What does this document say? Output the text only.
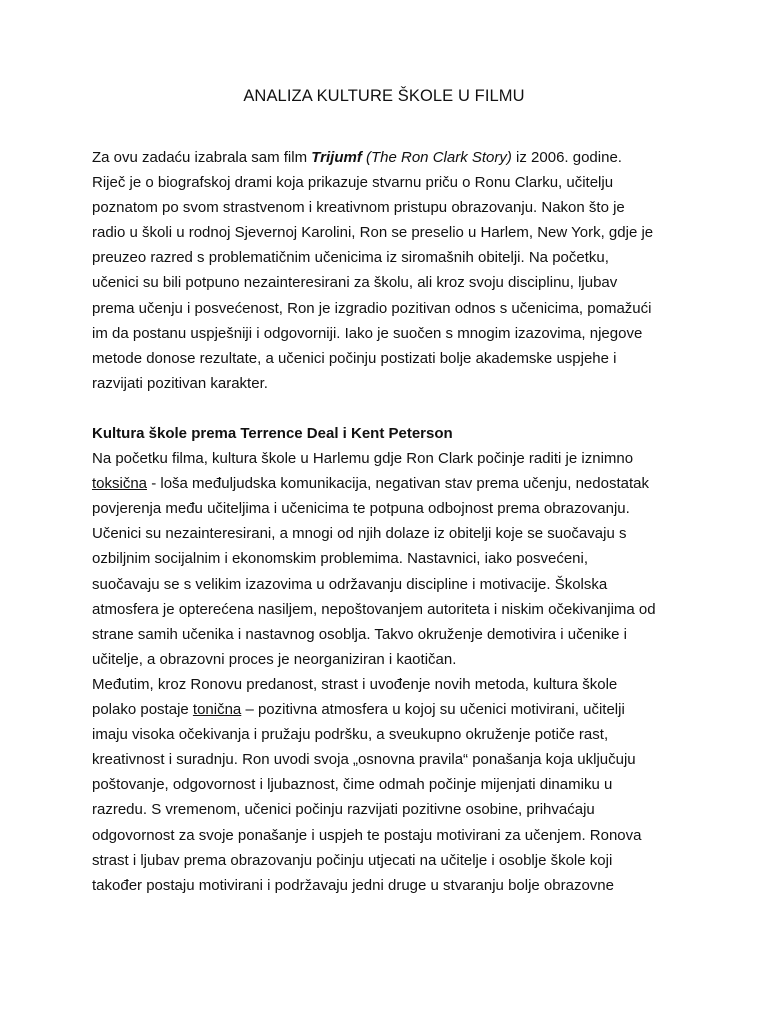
ANALIZA KULTURE ŠKOLE U FILMU
Za ovu zadaću izabrala sam film Trijumf (The Ron Clark Story) iz 2006. godine.
Riječ je o biografskoj drami koja prikazuje stvarnu priču o Ronu Clarku, učitelju
poznatom po svom strastvenom i kreativnom pristupu obrazovanju. Nakon što je
radio u školi u rodnoj Sjevernoj Karolini, Ron se preselio u Harlem, New York, gdje je
preuzeo razred s problematičnim učenicima iz siromašnih obitelji. Na početku,
učenici su bili potpuno nezainteresirani za školu, ali kroz svoju disciplinu, ljubav
prema učenju i posvećenost, Ron je izgradio pozitivan odnos s učenicima, pomažući
im da postanu uspješniji i odgovorniji. Iako je suočen s mnogim izazovima, njegove
metode donose rezultate, a učenici počinju postizati bolje akademske uspjehe i
razvijati pozitivan karakter.
Kultura škole prema Terrence Deal i Kent Peterson
Na početku filma, kultura škole u Harlemu gdje Ron Clark počinje raditi je iznimno
toksična - loša međuljudska komunikacija, negativan stav prema učenju, nedostatak
povjerenja među učiteljima i učenicima te potpuna odbojnost prema obrazovanju.
Učenici su nezainteresirani, a mnogi od njih dolaze iz obitelji koje se suočavaju s
ozbiljnim socijalnim i ekonomskim problemima. Nastavnici, iako posvećeni,
suočavaju se s velikim izazovima u održavanju discipline i motivacije. Školska
atmosfera je opterećena nasiljem, nepoštovanjem autoriteta i niskim očekivanjima od
strane samih učenika i nastavnog osoblja. Takvo okruženje demotivira i učenike i
učitelje, a obrazovni proces je neorganiziran i kaotičan.
Međutim, kroz Ronovu predanost, strast i uvođenje novih metoda, kultura škole
polako postaje tonična – pozitivna atmosfera u kojoj su učenici motivirani, učitelji
imaju visoka očekivanja i pružaju podršku, a sveukupno okruženje potiče rast,
kreativnost i suradnju. Ron uvodi svoja „osnovna pravila“ ponašanja koja uključuju
poštovanje, odgovornost i ljubaznost, čime odmah počinje mijenjati dinamiku u
razredu. S vremenom, učenici počinju razvijati pozitivne osobine, prihvaćaju
odgovornost za svoje ponašanje i uspjeh te postaju motivirani za učenjem. Ronova
strast i ljubav prema obrazovanju počinju utjecati na učitelje i osoblje škole koji
također postaju motivirani i podržavaju jedni druge u stvaranju bolje obrazovne
